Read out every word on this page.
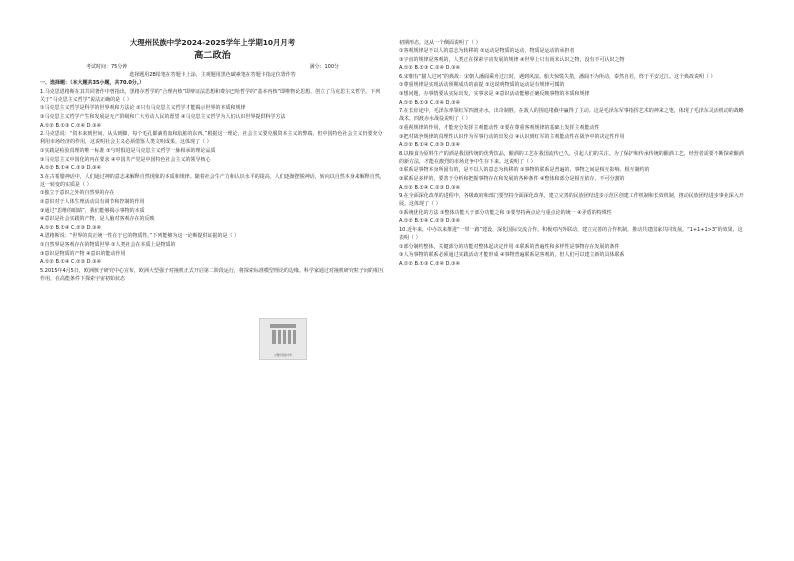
大理州民族中学2024-2025学年上学期10月月考
高二政治
考试时间：75分钟	满分：100分
选择题用2B铅笔在答题卡上涂，主观题用黑色碳素笔在答题卡指定位置作答
一、选择题：（本大题共35小题，共70.0分。）

1.马克思恩格斯在其共同著作中曾指出，黑格尔哲学的“合理内核”即辩证法思想和费尔巴哈哲学的“基本内核”即唯物论思想，创立了马克思主义哲学。下列关于“马克思主义哲学”说法正确的是（ ）

①马克思主义哲学是科学的世界观和方法论 ②只有马克思主义哲学才能揭示世界的本质和规律

③马克思主义哲学产生和发展是无产阶级和广大劳动人民的愿望 ④马克思主义哲学为人们认识世界提供科学方法

A.①② B.①③ C.②④ D.③④

2.马克思说：“资本来到世间，从头到脚，每个毛孔都滴着血和肮脏的东西。”根据这一理论，社会主义要克服资本主义的弊端，但中国特色社会主义仍要充分利用市场经济的作用，这说明社会主义必须借鉴人类文明成果。这体现了（ ）

①实践是检验真理的唯一标准 ②与时俱进是马克思主义哲学一脉相承的理论品质

③马克思主义中国化的内在要求 ④中国共产党是中国特色社会主义的领导核心

A.①② B.①④ C.②③ D.③④

3.在古希腊神话中，人们通过神的意志来解释自然现象的本质和规律。随着社会生产力和认识水平的提高，人们逐渐摆脱神话，转向以自然本身来解释自然，这一转变的实质是（ ）

①独立于意识之外的自然界的存在

②意识对于人体生理活动具有调节和控制的作用

③通过“思维的眼睛”，我们能够揭示事物的本质

④意识是社会实践的产物，是人脑对客观存在的反映

A.①② B.①④ C.②③ D.③④

4.恩格斯说：“世界的真正统一性在于它的物质性。”下列能够为这一论断提供证据的是（ ）

①自然界是客观存在的物质世界 ②人类社会在本质上是物质的

③意识是物质的产物 ④意识的能动作用

A.①② B.①④ C.②③ D.③④

5.2015年4月5日，欧洲核子研究中心宣布，欧洲大型强子对撞机正式开启第二阶段运行，将探索标准模型理论的边缘。科学家通过对撞机研究粒子间的相互作用，在高能条件下探索宇宙初始状态

大理州民族中学

初期形态。这从一个侧面说明了（ ）

①客观规律是不以人的意志为转移的 ②运动是物质的运动，物质是运动的承担者

③宇宙的规律是客观的，人类正在探索宇宙发展的规律 ④世界上只有尚未认识之物，没有不可认识之物

A.①② B.①③ C.②④ D.③④

6.宋朝有“猫人过河”的典故：宋朝人潘阆乘舟过江时，遇到风浪。船夫惊慌失措，潘阆不为所动，泰然自若，终于平安过江。这个典故说明（ ）

①尊重规律是实现活动预期成功的前提 ②这说明物质的运动是有规律可循的

③想问题，办事情要从实际出发，实事求是 ④意识活动能够正确反映事物的本质和规律

A.①② B.①③ C.②④ D.③④

7.在长征途中，毛泽东率领红军四渡赤水，出奇制胜，在敌人的围追堵截中赢得了主动。这是毛泽东军事指挥艺术的神来之笔，体现了毛泽东灵活机动的战略战术。四渡赤水战役说明了（ ）

①重视规律的作用，才能充分发挥主观能动性 ②要在尊重客观规律的基础上发挥主观能动性

③把对战争规律的真理性认识作为军事行动的出发点 ④认识到红军的主观能动性在战争中的决定性作用

A.①② B.①④ C.②③ D.③④

8.以粮食为原料生产的酒是我国传统的优秀饮品，酿酒的工艺在我国流传已久。引起人们的关注。为了保护和传承传统的酿酒工艺，经营者需要不断探索酿酒的新方法，才能在激烈的市场竞争中生存下来。这说明了（ ）

①联系是事物本身所固有的，是不以人的意志为转移的 ②事物的联系是普遍的，事物之间是相互影响、相互制约的

③联系是多样的，要善于分析和把握事物存在和发展的各种条件 ④整体和部分是相互依存、不可分割的

A.①② B.①④ C.②③ D.③④

9.在全面深化改革的进程中，各级政府和部门要坚持全面深化改革，建立完善的民族团结进步示范区创建工作机制和长效机制，推动民族团结进步事业深入开展。这体现了（ ）

①系统优化的方法 ②整体功能大于部分功能之和 ③要坚持两点论与重点论的统一 ④矛盾的特殊性

A.①② B.①④ C.②③ D.③④

10.近年来，中办以来推进“一带一路”建设，深化国际交流合作。积极对内外联动，建立完善的合作机制，推动共建国家共同发展。“1+1+1>3”的效果，这表明（ ）

①部分制约整体，关键部分的功能对整体起决定作用 ②联系的普遍性和多样性是事物存在发展的条件

③人为事物的联系必须通过实践活动才能形成 ④事物普遍联系是客观的，但人们可以建立新的具体联系

A.①② B.①③ C.②④ D.③④
